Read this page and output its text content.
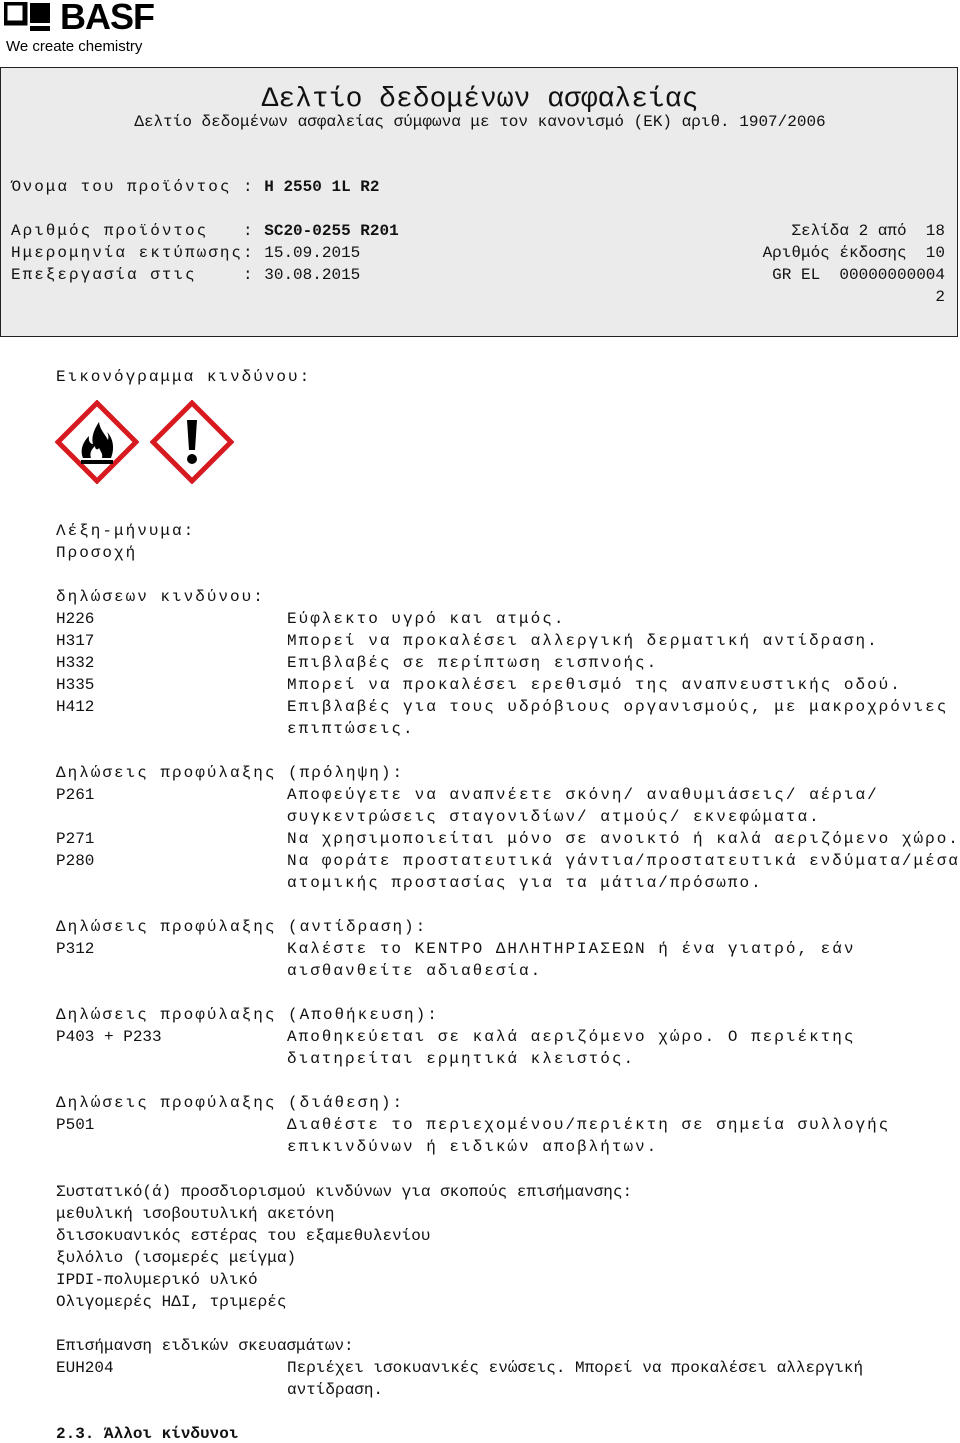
BASF
We create chemistry
Δελτίο δεδομένων ασφαλείας
Δελτίο δεδομένων ασφαλείας σύμφωνα με τον κανονισμό (ΕΚ) αριθ. 1907/2006
Όνομα του προϊόντος : H 2550 1L R2
Αριθμός προϊόντος   : SC20-0255 R201
Ημερομηνία εκτύπωσης: 15.09.2015
Επεξεργασία στις    : 30.08.2015
Σελίδα 2 από  18
Αριθμός έκδοσης  10
GR EL  00000000004
2
Εικονόγραμμα κινδύνου:
Λέξη-μήνυμα:
Προσοχή
δηλώσεων κινδύνου:
H226	Εύφλεκτο υγρό και ατμός.
H317	Μπορεί να προκαλέσει αλλεργική δερματική αντίδραση.
H332	Επιβλαβές σε περίπτωση εισπνοής.
H335	Μπορεί να προκαλέσει ερεθισμό της αναπνευστικής οδού.
H412	Επιβλαβές για τους υδρόβιους οργανισμούς, με μακροχρόνιες
επιπτώσεις.
Δηλώσεις προφύλαξης (πρόληψη):
P261	Αποφεύγετε να αναπνέετε σκόνη/ αναθυμιάσεις/ αέρια/
συγκεντρώσεις σταγονιδίων/ ατμούς/ εκνεφώματα.
P271	Να χρησιμοποιείται μόνο σε ανοικτό ή καλά αεριζόμενο χώρο.
P280	Να φοράτε προστατευτικά γάντια/προστατευτικά ενδύματα/μέσα
ατομικής προστασίας για τα μάτια/πρόσωπο.
Δηλώσεις προφύλαξης (αντίδραση):
P312	Καλέστε το ΚΕΝΤΡΟ ΔΗΛΗΤΗΡΙΑΣΕΩΝ ή ένα γιατρό, εάν
αισθανθείτε αδιαθεσία.
Δηλώσεις προφύλαξης (Αποθήκευση):
P403 + P233	Αποθηκεύεται σε καλά αεριζόμενο χώρο. Ο περιέκτης
διατηρείται ερμητικά κλειστός.
Δηλώσεις προφύλαξης (διάθεση):
P501	Διαθέστε το περιεχομένου/περιέκτη σε σημεία συλλογής
επικινδύνων ή ειδικών αποβλήτων.
Συστατικό(ά) προσδιορισμού κινδύνων για σκοπούς επισήμανσης:
μεθυλική ισοβουτυλική ακετόνη
διισοκυανικός εστέρας του εξαμεθυλενίου
ξυλόλιο (ισομερές μείγμα)
IPDI-πολυμερικό υλικό
Ολιγομερές HΔI, τριμερές
Επισήμανση ειδικών σκευασμάτων:
EUH204	Περιέχει ισοκυανικές ενώσεις. Μπορεί να προκαλέσει αλλεργική
αντίδραση.
2.3. Άλλοι κίνδυνοι
